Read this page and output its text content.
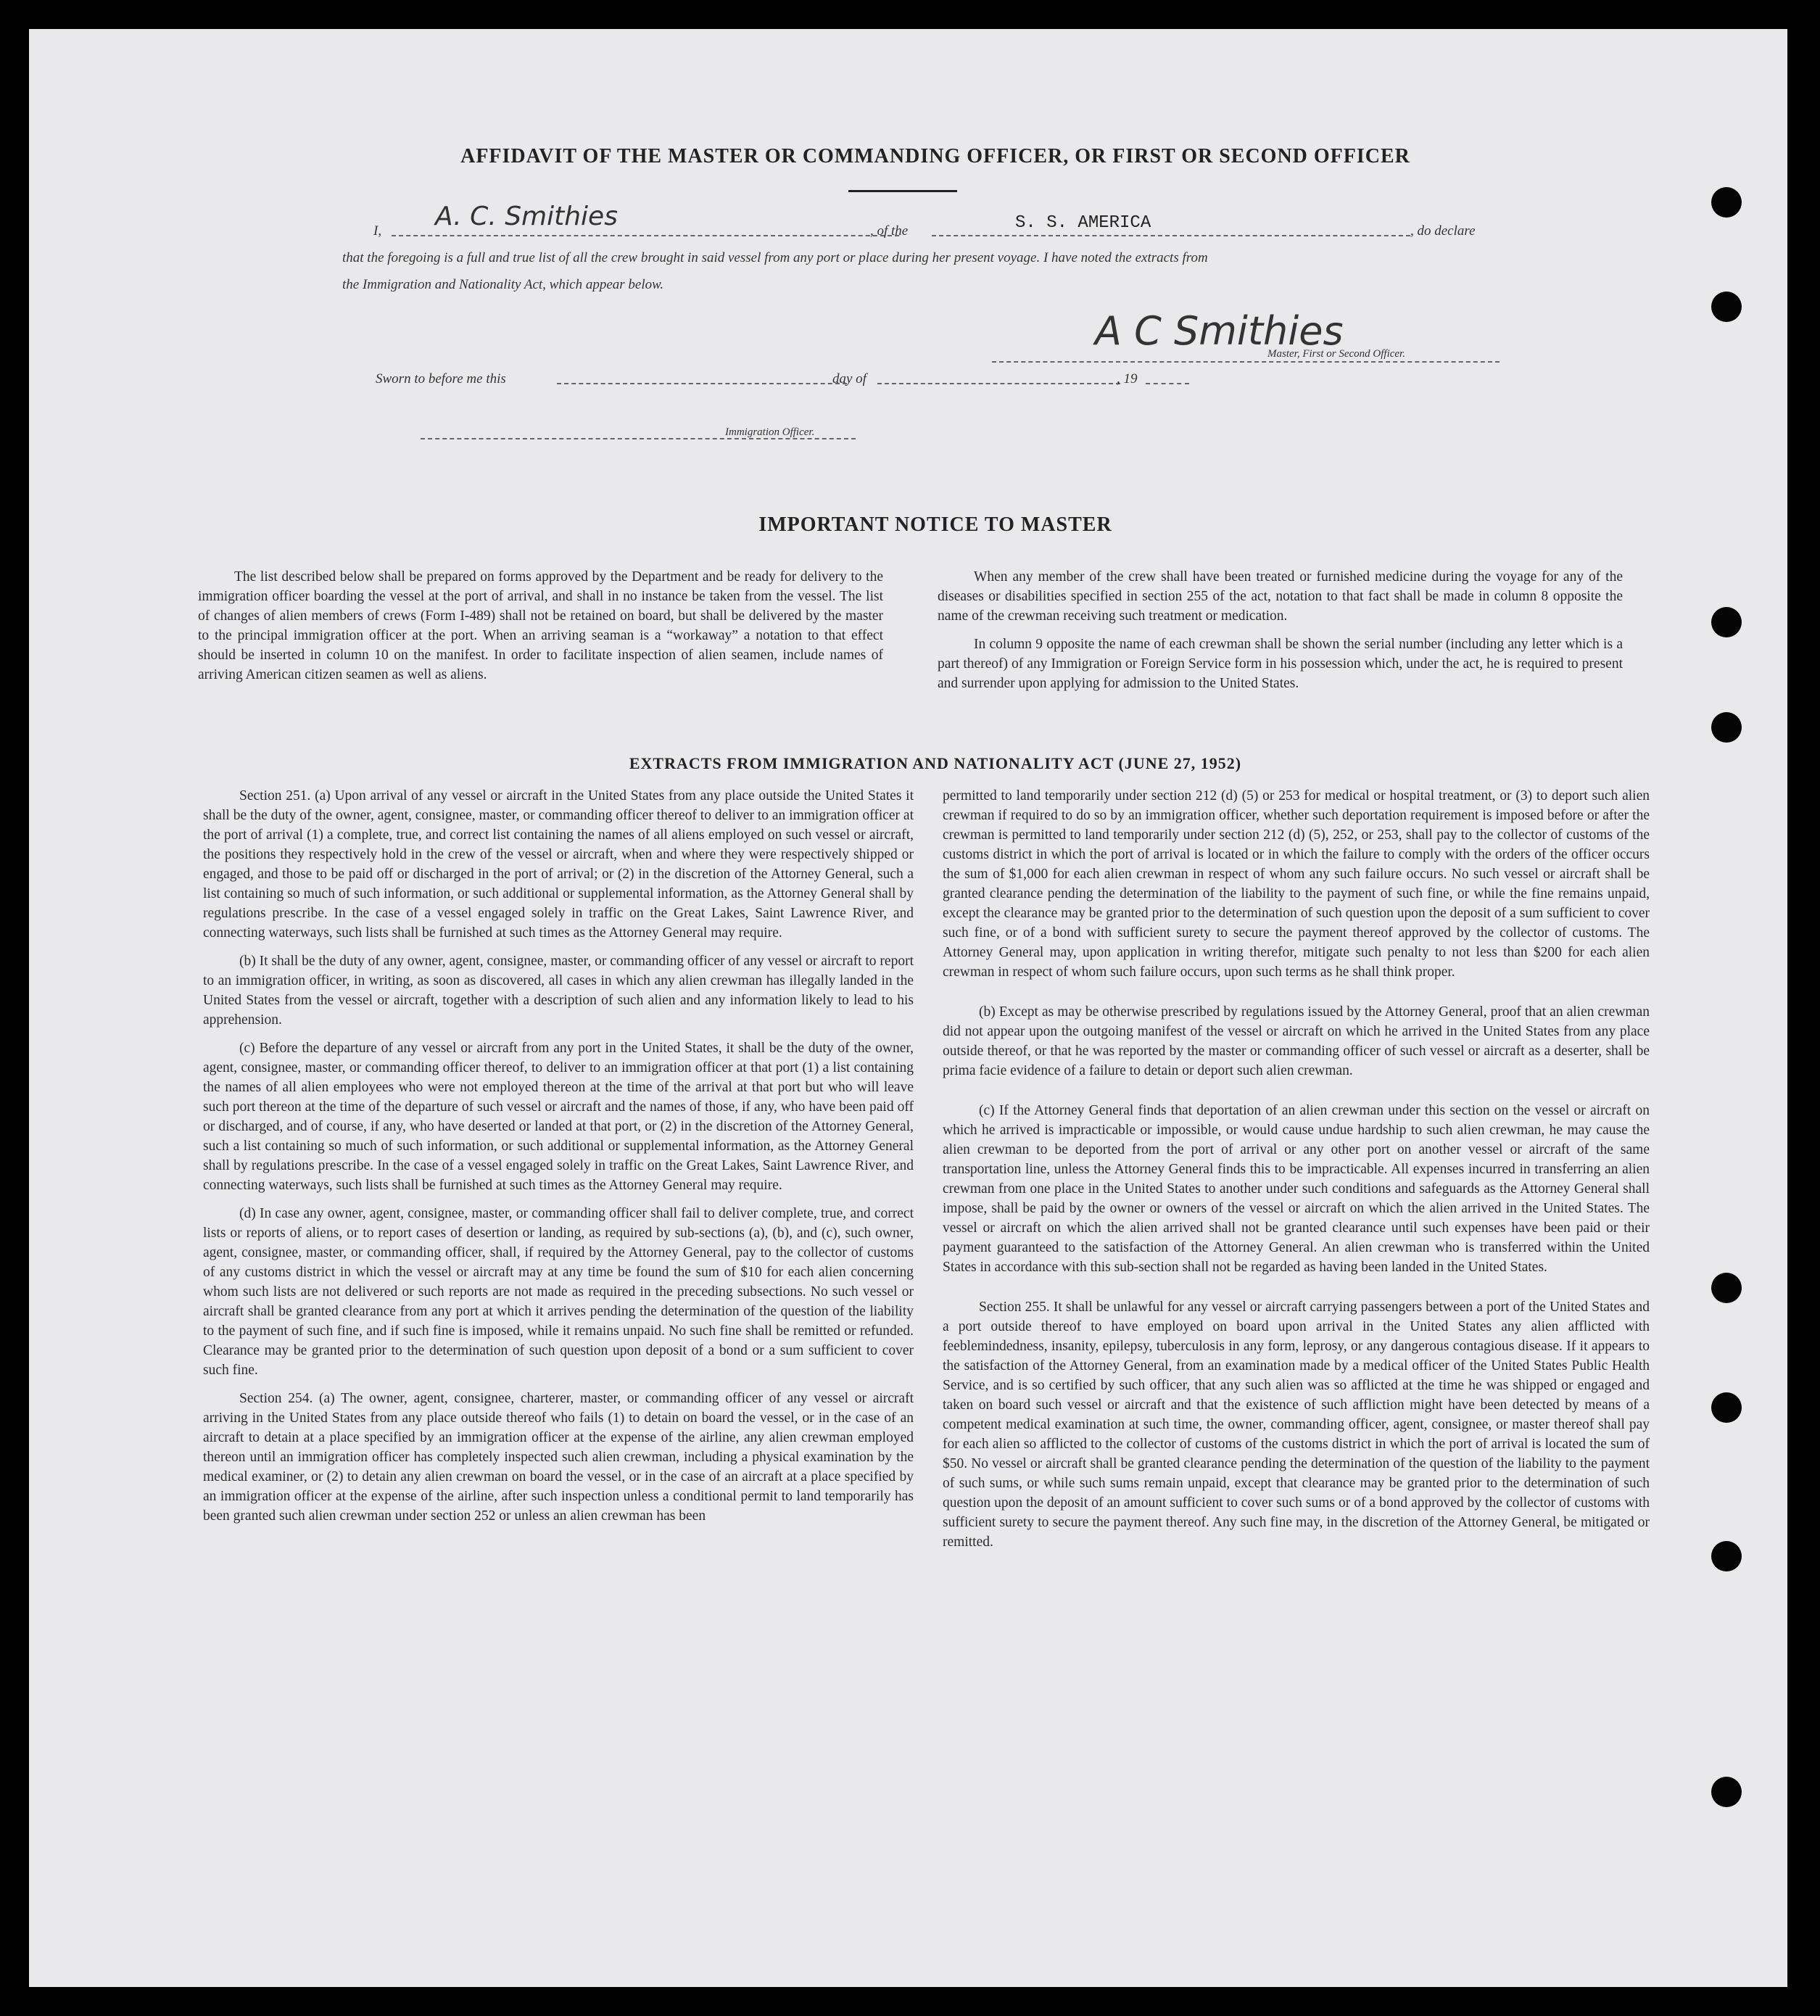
AFFIDAVIT OF THE MASTER OR COMMANDING OFFICER, OR FIRST OR SECOND OFFICER
I, A. C. Smithies	, of the	S. S. AMERICA	, do declare
that the foregoing is a full and true list of all the crew brought in said vessel from any port or place during her present voyage. I have noted the extracts from
the Immigration and Nationality Act, which appear below.
A C Smithies
Master, First or Second Officer.
Sworn to before me this	day of	, 19
Immigration Officer.
IMPORTANT NOTICE TO MASTER

The list described below shall be prepared on forms approved by the Department and be ready for delivery to the immigration officer boarding the vessel at the port of arrival, and shall in no instance be taken from the vessel. The list of changes of alien members of crews (Form I-489) shall not be retained on board, but shall be delivered by the master to the principal immigration officer at the port. When an arriving seaman is a “workaway” a notation to that effect should be inserted in column 10 on the manifest. In order to facilitate inspection of alien seamen, include names of arriving American citizen seamen as well as aliens.

When any member of the crew shall have been treated or furnished medicine during the voyage for any of the diseases or disabilities specified in section 255 of the act, notation to that fact shall be made in column 8 opposite the name of the crewman receiving such treatment or medication.

In column 9 opposite the name of each crewman shall be shown the serial number (including any letter which is a part thereof) of any Immigration or Foreign Service form in his possession which, under the act, he is required to present and surrender upon applying for admission to the United States.

EXTRACTS FROM IMMIGRATION AND NATIONALITY ACT (JUNE 27, 1952)

Section 251. (a) Upon arrival of any vessel or aircraft in the United States from any place outside the United States it shall be the duty of the owner, agent, consignee, master, or commanding officer thereof to deliver to an immigration officer at the port of arrival (1) a complete, true, and correct list containing the names of all aliens employed on such vessel or aircraft, the positions they respectively hold in the crew of the vessel or aircraft, when and where they were respectively shipped or engaged, and those to be paid off or discharged in the port of arrival; or (2) in the discretion of the Attorney General, such a list containing so much of such information, or such additional or supplemental information, as the Attorney General shall by regulations prescribe. In the case of a vessel engaged solely in traffic on the Great Lakes, Saint Lawrence River, and connecting waterways, such lists shall be furnished at such times as the Attorney General may require.

(b) It shall be the duty of any owner, agent, consignee, master, or commanding officer of any vessel or aircraft to report to an immigration officer, in writing, as soon as discovered, all cases in which any alien crewman has illegally landed in the United States from the vessel or aircraft, together with a description of such alien and any information likely to lead to his apprehension.

(c) Before the departure of any vessel or aircraft from any port in the United States, it shall be the duty of the owner, agent, consignee, master, or commanding officer thereof, to deliver to an immigration officer at that port (1) a list containing the names of all alien employees who were not employed thereon at the time of the arrival at that port but who will leave such port thereon at the time of the departure of such vessel or aircraft and the names of those, if any, who have been paid off or discharged, and of course, if any, who have deserted or landed at that port, or (2) in the discretion of the Attorney General, such a list containing so much of such information, or such additional or supplemental information, as the Attorney General shall by regulations prescribe. In the case of a vessel engaged solely in traffic on the Great Lakes, Saint Lawrence River, and connecting waterways, such lists shall be furnished at such times as the Attorney General may require.

(d) In case any owner, agent, consignee, master, or commanding officer shall fail to deliver complete, true, and correct lists or reports of aliens, or to report cases of desertion or landing, as required by sub-sections (a), (b), and (c), such owner, agent, consignee, master, or commanding officer, shall, if required by the Attorney General, pay to the collector of customs of any customs district in which the vessel or aircraft may at any time be found the sum of $10 for each alien concerning whom such lists are not delivered or such reports are not made as required in the preceding subsections. No such vessel or aircraft shall be granted clearance from any port at which it arrives pending the determination of the question of the liability to the payment of such fine, and if such fine is imposed, while it remains unpaid. No such fine shall be remitted or refunded. Clearance may be granted prior to the determination of such question upon deposit of a bond or a sum sufficient to cover such fine.

Section 254. (a) The owner, agent, consignee, charterer, master, or commanding officer of any vessel or aircraft arriving in the United States from any place outside thereof who fails (1) to detain on board the vessel, or in the case of an aircraft to detain at a place specified by an immigration officer at the expense of the airline, any alien crewman employed thereon until an immigration officer has completely inspected such alien crewman, including a physical examination by the medical examiner, or (2) to detain any alien crewman on board the vessel, or in the case of an aircraft at a place specified by an immigration officer at the expense of the airline, after such inspection unless a conditional permit to land temporarily has been granted such alien crewman under section 252 or unless an alien crewman has been

permitted to land temporarily under section 212 (d) (5) or 253 for medical or hospital treatment, or (3) to deport such alien crewman if required to do so by an immigration officer, whether such deportation requirement is imposed before or after the crewman is permitted to land temporarily under section 212 (d) (5), 252, or 253, shall pay to the collector of customs of the customs district in which the port of arrival is located or in which the failure to comply with the orders of the officer occurs the sum of $1,000 for each alien crewman in respect of whom any such failure occurs. No such vessel or aircraft shall be granted clearance pending the determination of the liability to the payment of such fine, or while the fine remains unpaid, except the clearance may be granted prior to the determination of such question upon the deposit of a sum sufficient to cover such fine, or of a bond with sufficient surety to secure the payment thereof approved by the collector of customs. The Attorney General may, upon application in writing therefor, mitigate such penalty to not less than $200 for each alien crewman in respect of whom such failure occurs, upon such terms as he shall think proper.

(b) Except as may be otherwise prescribed by regulations issued by the Attorney General, proof that an alien crewman did not appear upon the outgoing manifest of the vessel or aircraft on which he arrived in the United States from any place outside thereof, or that he was reported by the master or commanding officer of such vessel or aircraft as a deserter, shall be prima facie evidence of a failure to detain or deport such alien crewman.

(c) If the Attorney General finds that deportation of an alien crewman under this section on the vessel or aircraft on which he arrived is impracticable or impossible, or would cause undue hardship to such alien crewman, he may cause the alien crewman to be deported from the port of arrival or any other port on another vessel or aircraft of the same transportation line, unless the Attorney General finds this to be impracticable. All expenses incurred in transferring an alien crewman from one place in the United States to another under such conditions and safeguards as the Attorney General shall impose, shall be paid by the owner or owners of the vessel or aircraft on which the alien arrived in the United States. The vessel or aircraft on which the alien arrived shall not be granted clearance until such expenses have been paid or their payment guaranteed to the satisfaction of the Attorney General. An alien crewman who is transferred within the United States in accordance with this sub-section shall not be regarded as having been landed in the United States.

Section 255. It shall be unlawful for any vessel or aircraft carrying passengers between a port of the United States and a port outside thereof to have employed on board upon arrival in the United States any alien afflicted with feeblemindedness, insanity, epilepsy, tuberculosis in any form, leprosy, or any dangerous contagious disease. If it appears to the satisfaction of the Attorney General, from an examination made by a medical officer of the United States Public Health Service, and is so certified by such officer, that any such alien was so afflicted at the time he was shipped or engaged and taken on board such vessel or aircraft and that the existence of such affliction might have been detected by means of a competent medical examination at such time, the owner, commanding officer, agent, consignee, or master thereof shall pay for each alien so afflicted to the collector of customs of the customs district in which the port of arrival is located the sum of $50. No vessel or aircraft shall be granted clearance pending the determination of the question of the liability to the payment of such sums, or while such sums remain unpaid, except that clearance may be granted prior to the determination of such question upon the deposit of an amount sufficient to cover such sums or of a bond approved by the collector of customs with sufficient surety to secure the payment thereof. Any such fine may, in the discretion of the Attorney General, be mitigated or remitted.
